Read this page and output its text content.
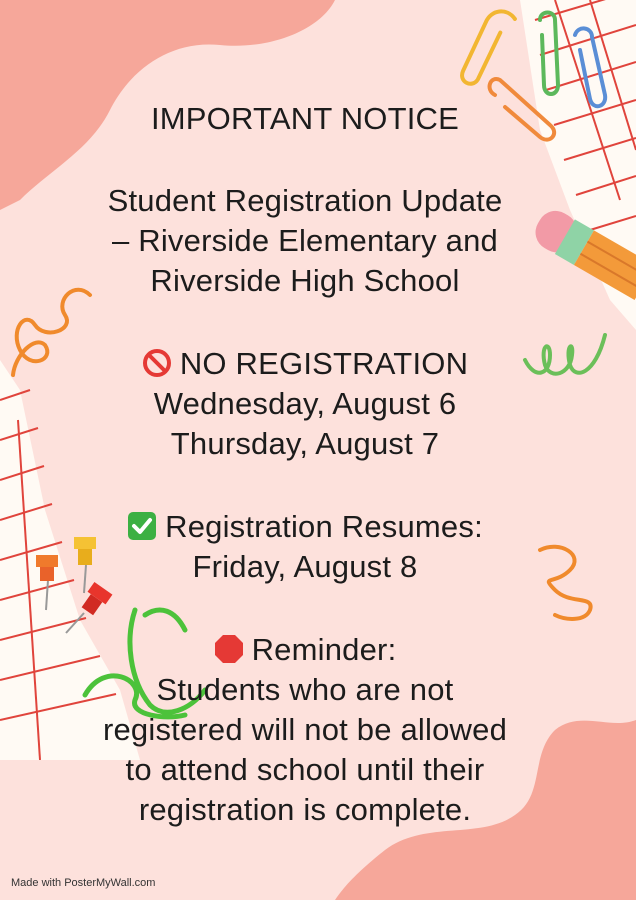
IMPORTANT NOTICE
Student Registration Update
– Riverside Elementary and
Riverside High School
NO REGISTRATION
Wednesday, August 6
Thursday, August 7
Registration Resumes:
Friday, August 8
Reminder:
Students who are not
registered will not be allowed
to attend school until their
registration is complete.
Made with PosterMyWall.com
